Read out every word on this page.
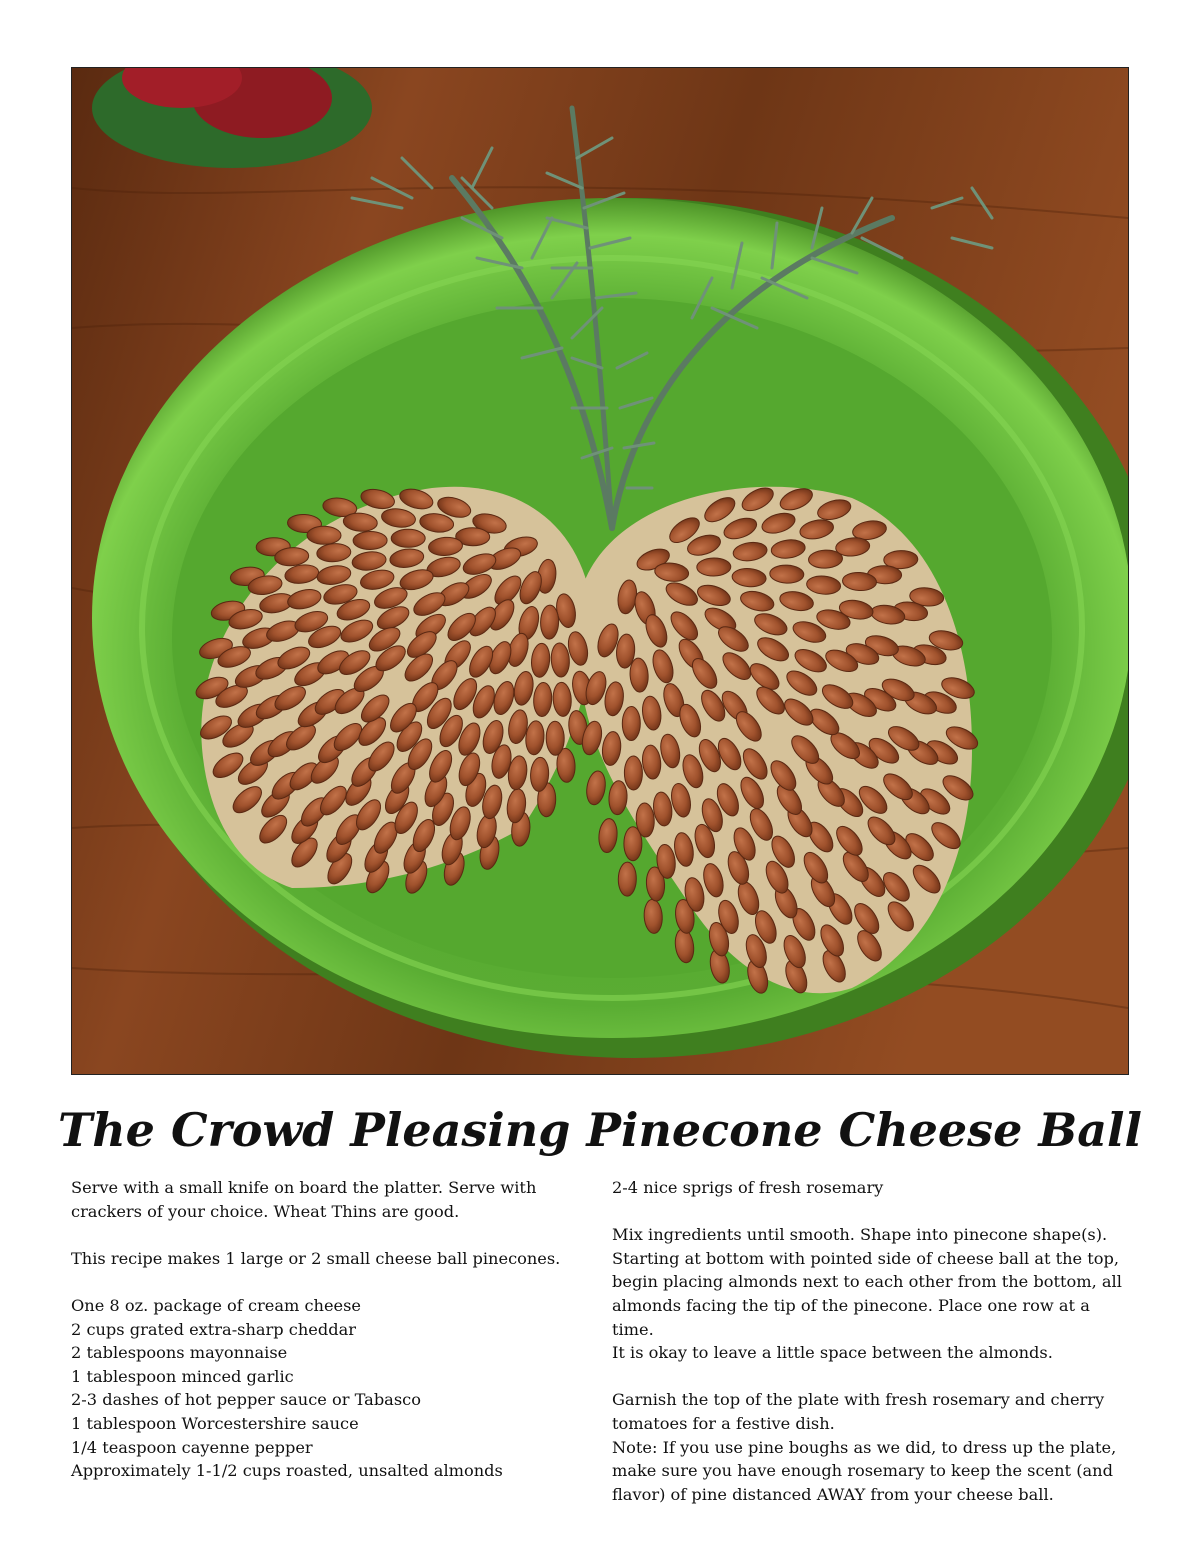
The Crowd Pleasing Pinecone Cheese Ball

Serve with a small knife on board the platter. Serve with

crackers of your choice. Wheat Thins are good.

This recipe makes 1 large or 2 small cheese ball pinecones.

One 8 oz. package of cream cheese

2 cups grated extra-sharp cheddar

2 tablespoons mayonnaise

1 tablespoon minced garlic

2-3 dashes of hot pepper sauce or Tabasco

1 tablespoon Worcestershire sauce

1/4 teaspoon cayenne pepper

Approximately 1-1/2 cups roasted, unsalted almonds

2-4 nice sprigs of fresh rosemary

Mix ingredients until smooth. Shape into pinecone shape(s).

Starting at bottom with pointed side of cheese ball at the top,

begin placing almonds next to each other from the bottom, all

almonds facing the tip of the pinecone. Place one row at a time.

It is okay to leave a little space between the almonds.

Garnish the top of the plate with fresh rosemary and cherry

tomatoes for a festive dish.

Note: If you use pine boughs as we did, to dress up the plate,

make sure you have enough rosemary to keep the scent (and

flavor) of pine distanced AWAY from your cheese ball.
